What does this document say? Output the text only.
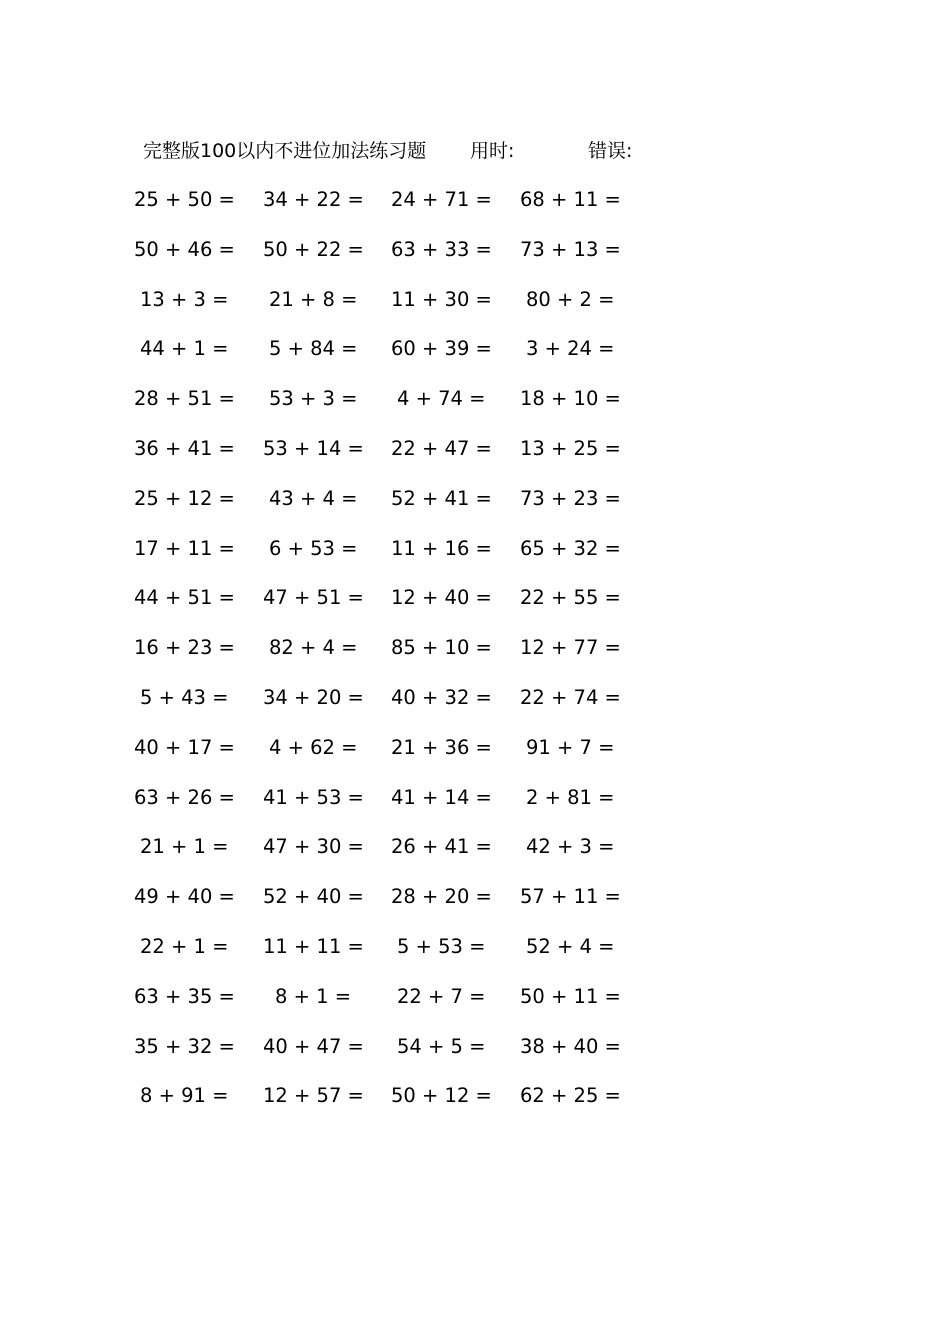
完整版100以内不进位加法练习题 用时:	错误:
25 + 50 = 34 + 22 = 24 + 71 = 68 + 11 =
50 + 46 = 50 + 22 = 63 + 33 = 73 + 13 =
13 + 3 = 21 + 8 = 11 + 30 = 80 + 2 =
44 + 1 = 5 + 84 = 60 + 39 = 3 + 24 =
28 + 51 = 53 + 3 = 4 + 74 = 18 + 10 =
36 + 41 = 53 + 14 = 22 + 47 = 13 + 25 =
25 + 12 = 43 + 4 = 52 + 41 = 73 + 23 =
17 + 11 = 6 + 53 = 11 + 16 = 65 + 32 =
44 + 51 = 47 + 51 = 12 + 40 = 22 + 55 =
16 + 23 = 82 + 4 = 85 + 10 = 12 + 77 =
5 + 43 = 34 + 20 = 40 + 32 = 22 + 74 =
40 + 17 = 4 + 62 = 21 + 36 = 91 + 7 =
63 + 26 = 41 + 53 = 41 + 14 = 2 + 81 =
21 + 1 = 47 + 30 = 26 + 41 = 42 + 3 =
49 + 40 = 52 + 40 = 28 + 20 = 57 + 11 =
22 + 1 = 11 + 11 = 5 + 53 = 52 + 4 =
63 + 35 = 8 + 1 = 22 + 7 = 50 + 11 =
35 + 32 = 40 + 47 = 54 + 5 = 38 + 40 =
8 + 91 = 12 + 57 = 50 + 12 = 62 + 25 =
